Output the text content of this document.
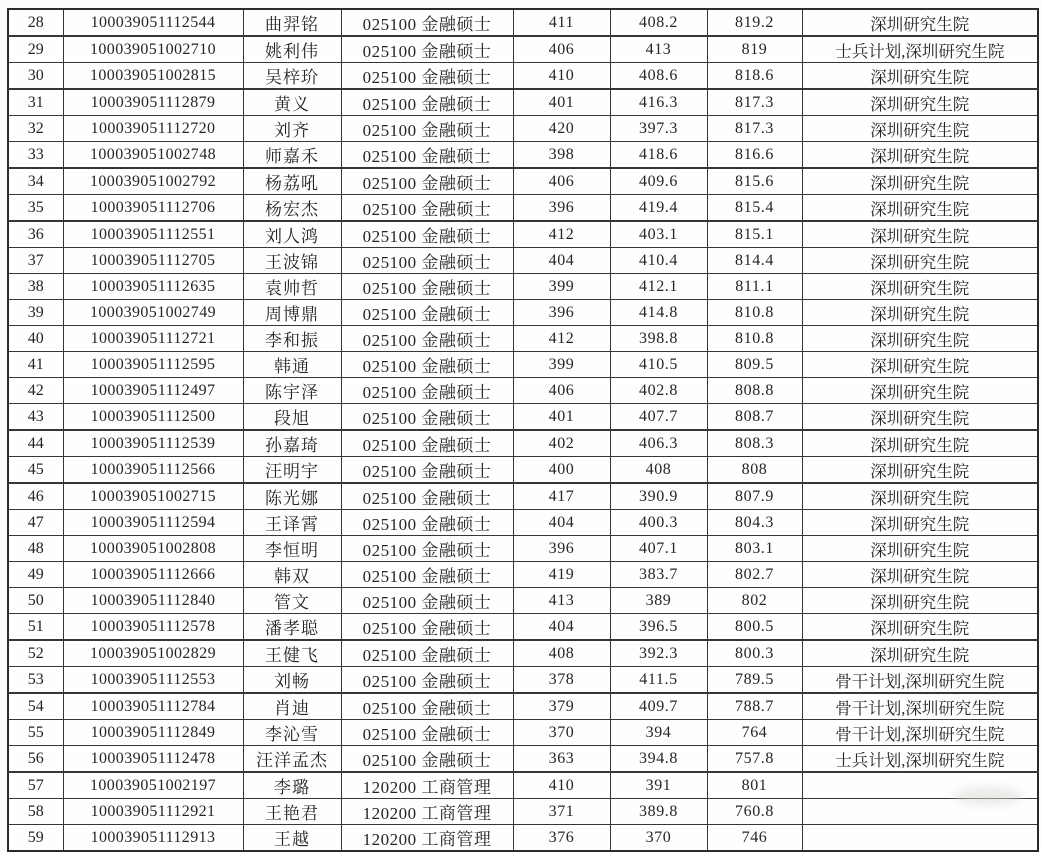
28	100039051112544	曲羿铭	025100 金融硕士	411	408.2	819.2	深圳研究生院
29	100039051002710	姚利伟	025100 金融硕士	406	413	819	士兵计划,深圳研究生院
30	100039051002815	吴梓玠	025100 金融硕士	410	408.6	818.6	深圳研究生院
31	100039051112879	黄义	025100 金融硕士	401	416.3	817.3	深圳研究生院
32	100039051112720	刘齐	025100 金融硕士	420	397.3	817.3	深圳研究生院
33	100039051002748	师嘉禾	025100 金融硕士	398	418.6	816.6	深圳研究生院
34	100039051002792	杨荔吼	025100 金融硕士	406	409.6	815.6	深圳研究生院
35	100039051112706	杨宏杰	025100 金融硕士	396	419.4	815.4	深圳研究生院
36	100039051112551	刘人鸿	025100 金融硕士	412	403.1	815.1	深圳研究生院
37	100039051112705	王波锦	025100 金融硕士	404	410.4	814.4	深圳研究生院
38	100039051112635	袁帅哲	025100 金融硕士	399	412.1	811.1	深圳研究生院
39	100039051002749	周博鼎	025100 金融硕士	396	414.8	810.8	深圳研究生院
40	100039051112721	李和振	025100 金融硕士	412	398.8	810.8	深圳研究生院
41	100039051112595	韩通	025100 金融硕士	399	410.5	809.5	深圳研究生院
42	100039051112497	陈宇泽	025100 金融硕士	406	402.8	808.8	深圳研究生院
43	100039051112500	段旭	025100 金融硕士	401	407.7	808.7	深圳研究生院
44	100039051112539	孙嘉琦	025100 金融硕士	402	406.3	808.3	深圳研究生院
45	100039051112566	汪明宇	025100 金融硕士	400	408	808	深圳研究生院
46	100039051002715	陈光娜	025100 金融硕士	417	390.9	807.9	深圳研究生院
47	100039051112594	王译霄	025100 金融硕士	404	400.3	804.3	深圳研究生院
48	100039051002808	李恒明	025100 金融硕士	396	407.1	803.1	深圳研究生院
49	100039051112666	韩双	025100 金融硕士	419	383.7	802.7	深圳研究生院
50	100039051112840	管文	025100 金融硕士	413	389	802	深圳研究生院
51	100039051112578	潘孝聪	025100 金融硕士	404	396.5	800.5	深圳研究生院
52	100039051002829	王健飞	025100 金融硕士	408	392.3	800.3	深圳研究生院
53	100039051112553	刘畅	025100 金融硕士	378	411.5	789.5	骨干计划,深圳研究生院
54	100039051112784	肖迪	025100 金融硕士	379	409.7	788.7	骨干计划,深圳研究生院
55	100039051112849	李沁雪	025100 金融硕士	370	394	764	骨干计划,深圳研究生院
56	100039051112478	汪洋孟杰	025100 金融硕士	363	394.8	757.8	士兵计划,深圳研究生院
57	100039051002197	李璐	120200 工商管理	410	391	801	
58	100039051112921	王艳君	120200 工商管理	371	389.8	760.8	
59	100039051112913	王越	120200 工商管理	376	370	746	
